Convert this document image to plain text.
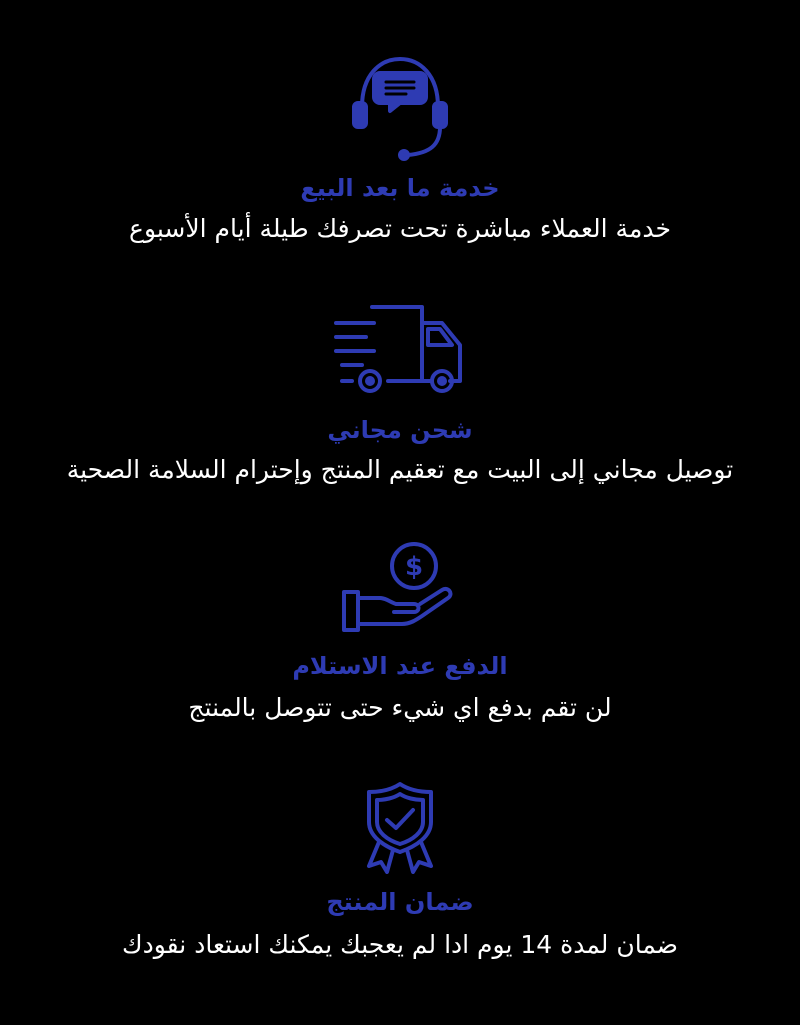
خدمة ما بعد البيع
خدمة العملاء مباشرة تحت تصرفك طيلة أيام الأسبوع
شحن مجاني
توصيل مجاني إلى البيت مع تعقيم المنتج وإحترام السلامة الصحية
$
الدفع عند الاستلام
لن تقم بدفع اي شيء حتى تتوصل بالمنتج
ضمان المنتج
ضمان لمدة 14 يوم ادا لم يعجبك يمكنك استعاد نقودك
